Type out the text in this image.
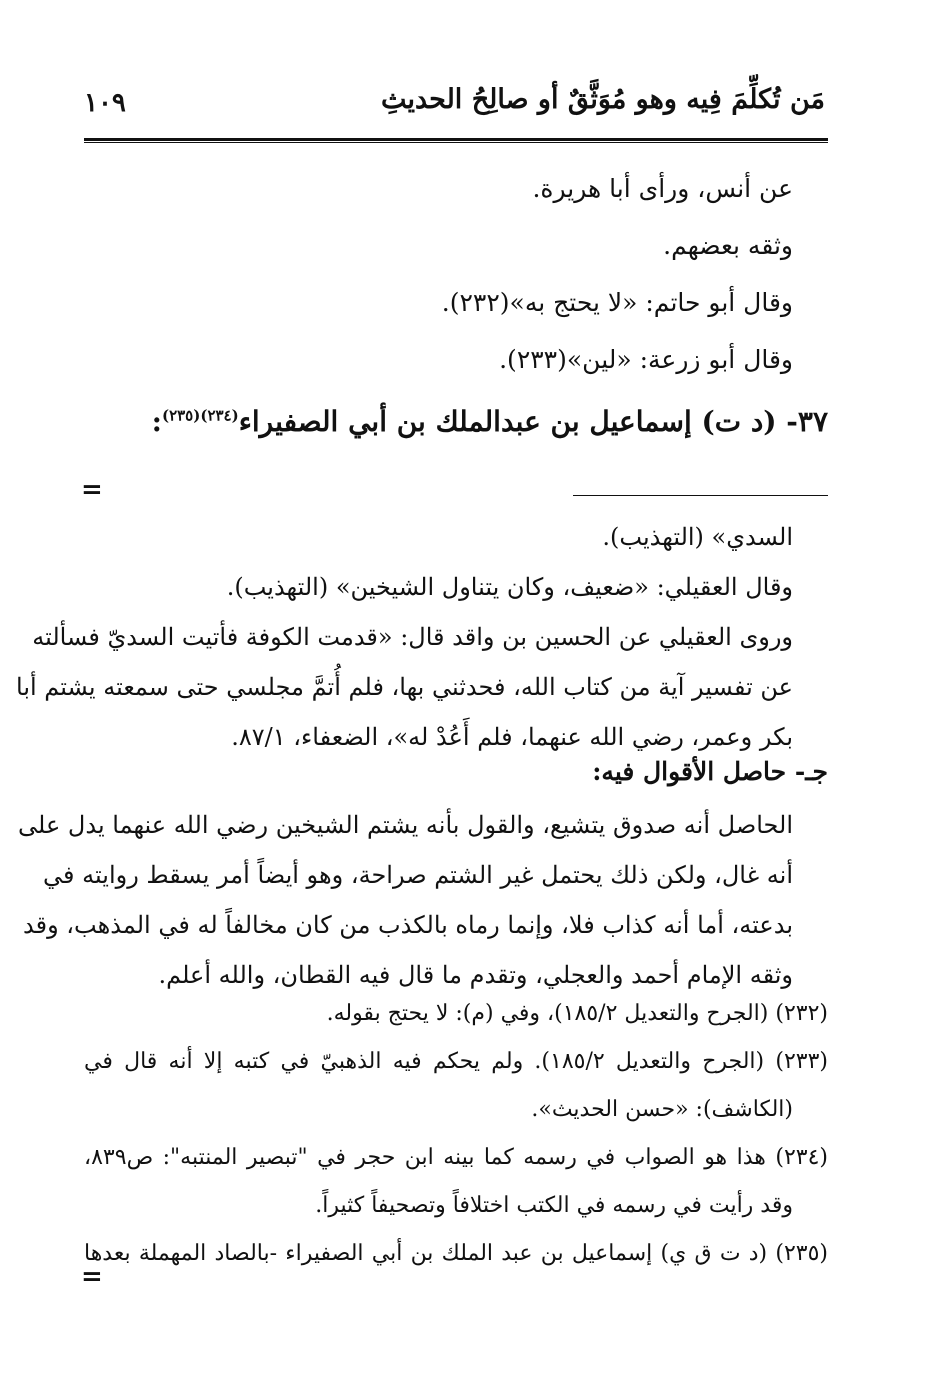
١٠٩	مَن تُكلِّمَ فِيه وهو مُوَثَّقٌ أو صالِحُ الحديثِ
عن أنس، ورأى أبا هريرة.
وثقه بعضهم.
وقال أبو حاتم: «لا يحتج به»(٢٣٢).
وقال أبو زرعة: «لين»(٢٣٣).
٣٧- (د ت) إسماعيل بن عبدالملك بن أبي الصفيراء$^{(٢٣٤)(٢٣٥)}$:
=
السدي» (التهذيب).
وقال العقيلي: «ضعيف، وكان يتناول الشيخين» (التهذيب).
وروى العقيلي عن الحسين بن واقد قال: «قدمت الكوفة فأتيت السديّ فسألته
عن تفسير آية من كتاب الله، فحدثني بها، فلم أُتمَّ مجلسي حتى سمعته يشتم أبا
بكر وعمر، رضي الله عنهما، فلم أَعُدْ له»، الضعفاء، ٨٧/١.
جـ- حاصل الأقوال فيه:
الحاصل أنه صدوق يتشيع، والقول بأنه يشتم الشيخين رضي الله عنهما يدل على
أنه غال، ولكن ذلك يحتمل غير الشتم صراحة، وهو أيضاً أمر يسقط روايته في
بدعته، أما أنه كذاب فلا، وإنما رماه بالكذب من كان مخالفاً له في المذهب، وقد
وثقه الإمام أحمد والعجلي، وتقدم ما قال فيه القطان، والله أعلم.
(٢٣٢) (الجرح والتعديل ١٨٥/٢)، وفي (م): لا يحتج بقوله.
(٢٣٣) (الجرح والتعديل ١٨٥/٢). ولم يحكم فيه الذهبيّ في كتبه إلا أنه قال في
(الكاشف): «حسن الحديث».
(٢٣٤) هذا هو الصواب في رسمه كما بينه ابن حجر في "تبصير المنتبه": ص٨٣٩،
وقد رأيت في رسمه في الكتب اختلافاً وتصحيفاً كثيراً.
(٢٣٥) (د ت ق ي) إسماعيل بن عبد الملك بن أبي الصفيراء -بالصاد المهملة بعدها
=
